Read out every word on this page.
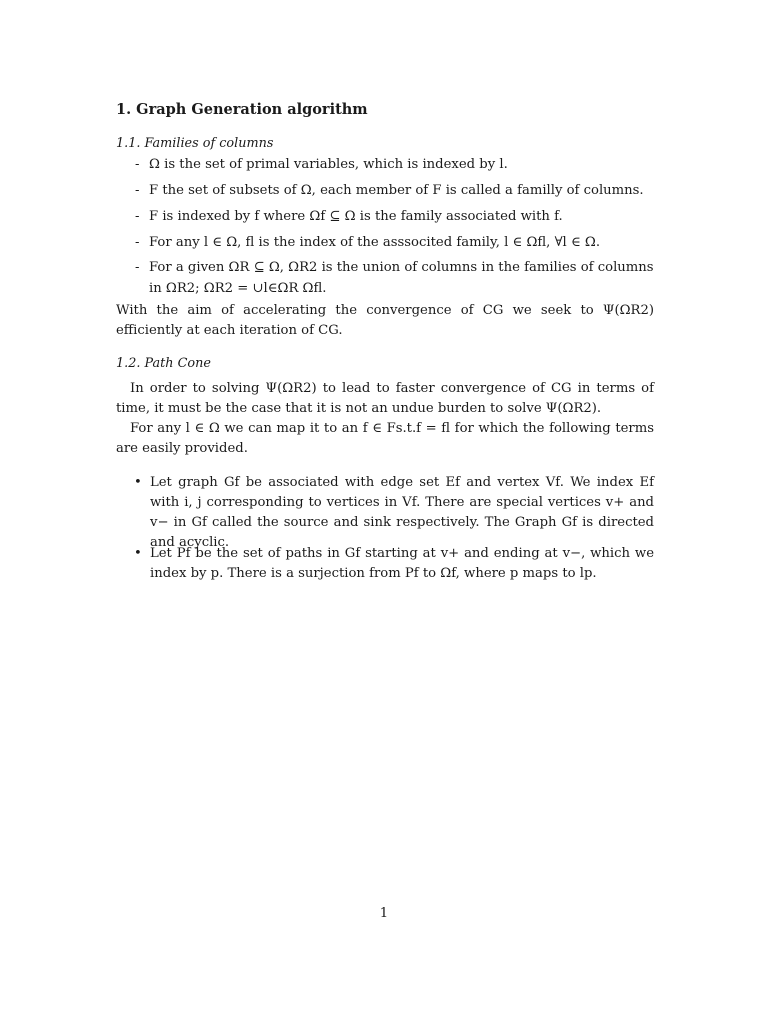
1. Graph Generation algorithm
1.1. Families of columns
- Ω is the set of primal variables, which is indexed by l.
- F the set of subsets of Ω, each member of F is called a familly of columns.
- F is indexed by f where Ωf ⊆ Ω is the family associated with f.
- For any l ∈ Ω, fl is the index of the asssocited family, l ∈ Ωfl, ∀l ∈ Ω.
- For a given ΩR ⊆ Ω, ΩR2 is the union of columns in the families of columns in ΩR2; ΩR2 = ∪l∈ΩR Ωfl.
With the aim of accelerating the convergence of CG we seek to Ψ(ΩR2) efficiently at each iteration of CG.
1.2. Path Cone
In order to solving Ψ(ΩR2) to lead to faster convergence of CG in terms of time, it must be the case that it is not an undue burden to solve Ψ(ΩR2).
For any l ∈ Ω we can map it to an f ∈ Fs.t.f = fl for which the following terms are easily provided.
• Let graph Gf be associated with edge set Ef and vertex Vf. We index Ef with i, j corresponding to vertices in Vf. There are special vertices v+ and v− in Gf called the source and sink respectively. The Graph Gf is directed and acyclic.
• Let Pf be the set of paths in Gf starting at v+ and ending at v−, which we index by p. There is a surjection from Pf to Ωf, where p maps to lp.
1
